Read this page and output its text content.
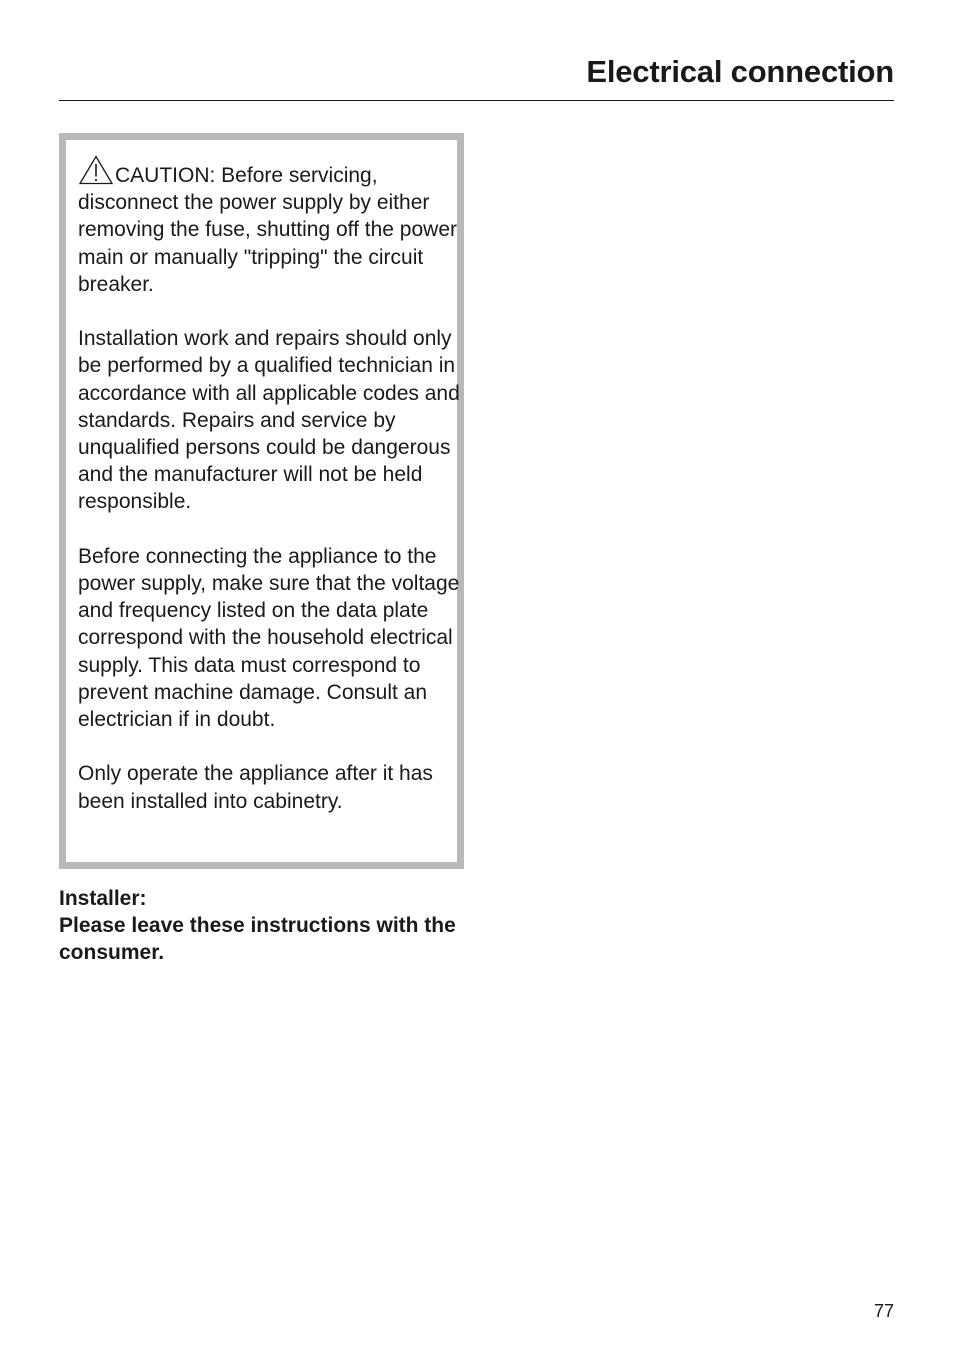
Electrical connection

CAUTION: Before servicing, disconnect the power supply by either removing the fuse, shutting off the power main or manually "tripping" the circuit breaker.

Installation work and repairs should only be performed by a qualified technician in accordance with all applicable codes and standards. Repairs and service by unqualified persons could be dangerous and the manufacturer will not be held responsible.

Before connecting the appliance to the power supply, make sure that the voltage and frequency listed on the data plate correspond with the household electrical supply. This data must correspond to prevent machine damage. Consult an electrician if in doubt.

Only operate the appliance after it has been installed into cabinetry.

Installer:
Please leave these instructions with the consumer.
77
